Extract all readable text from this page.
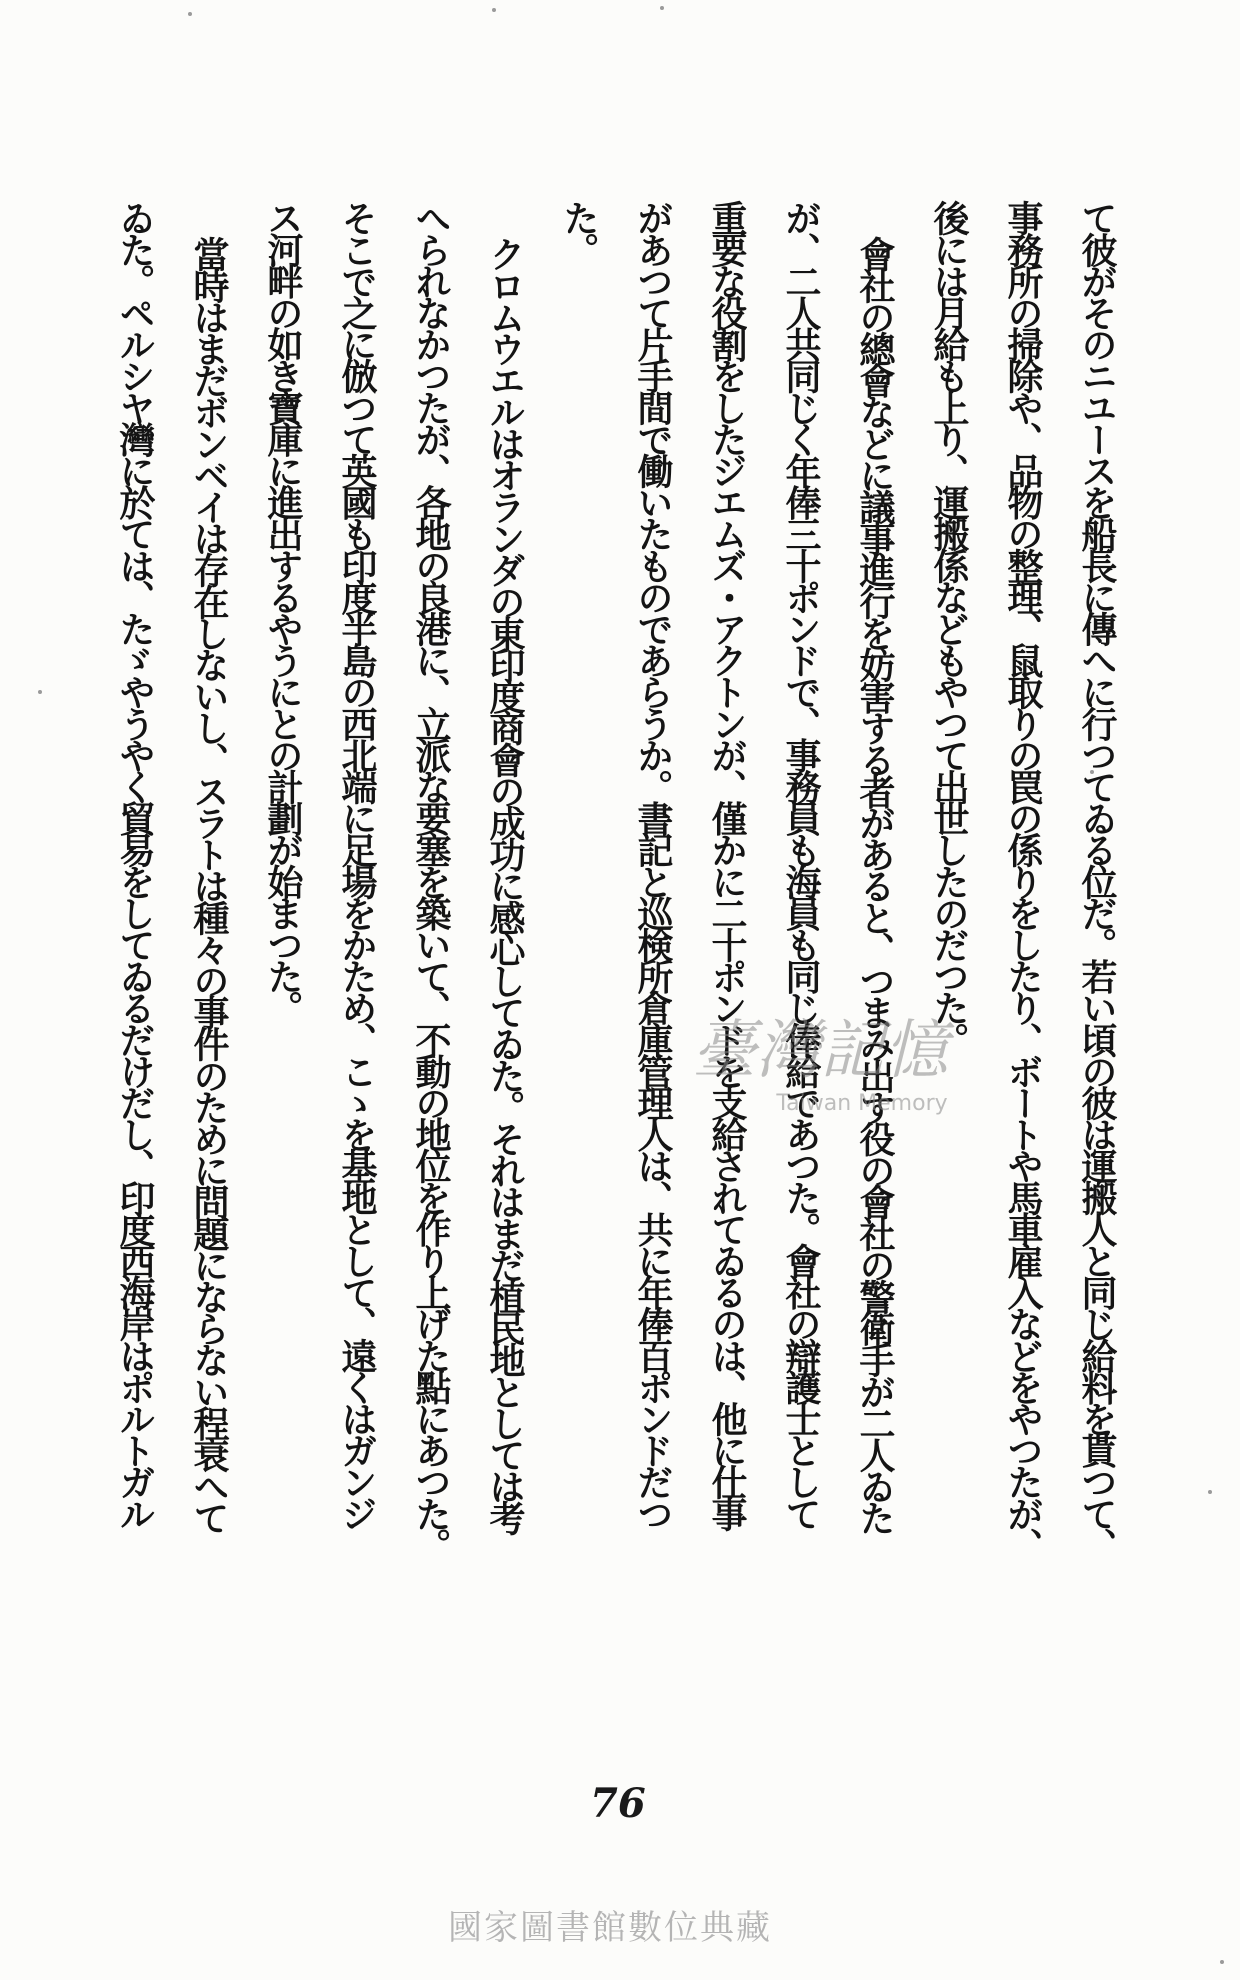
て彼がそのニユースを船長に傳へに行つてゐる位だ。若い頃の彼は運搬人と同じ給料を貰つて、
事務所の掃除や、品物の整理、鼠取りの罠の係りをしたり、ボートや馬車雇入などをやつたが、
後には月給も上り、運搬係などもやつて出世したのだつた。
會社の總會などに議事進行を妨害する者があると、つまみ出す役の會社の警衛手が二人ゐた
が、二人共同じく年俸三十ポンドで、事務員も海員も同じ俸給であつた。會社の辯護士として
重要な役割をしたジエムズ・アクトンが、僅かに二十ポンドを支給されてゐるのは、他に仕事
があつて片手間で働いたものであらうか。書記と巡検所倉庫管理人は、共に年俸百ポンドだつ
た。
クロムウエルはオランダの東印度商會の成功に感心してゐた。それはまだ植民地としては考
へられなかつたが、各地の良港に、立派な要塞を築いて、不動の地位を作り上げた點にあつた。
そこで之に倣つて英國も印度半島の西北端に足場をかため、こゝを基地として、遠くはガンジ
ス河畔の如き寶庫に進出するやうにとの計劃が始まつた。
當時はまだボンベイは存在しないし、スラトは種々の事件のために問題にならない程衰へて
ゐた。ペルシヤ灣に於ては、たゞやうやく貿易をしてゐるだけだし、印度西海岸はポルトガル	臺灣記憶
Taiwan Memory
76
國家圖書館數位典藏
